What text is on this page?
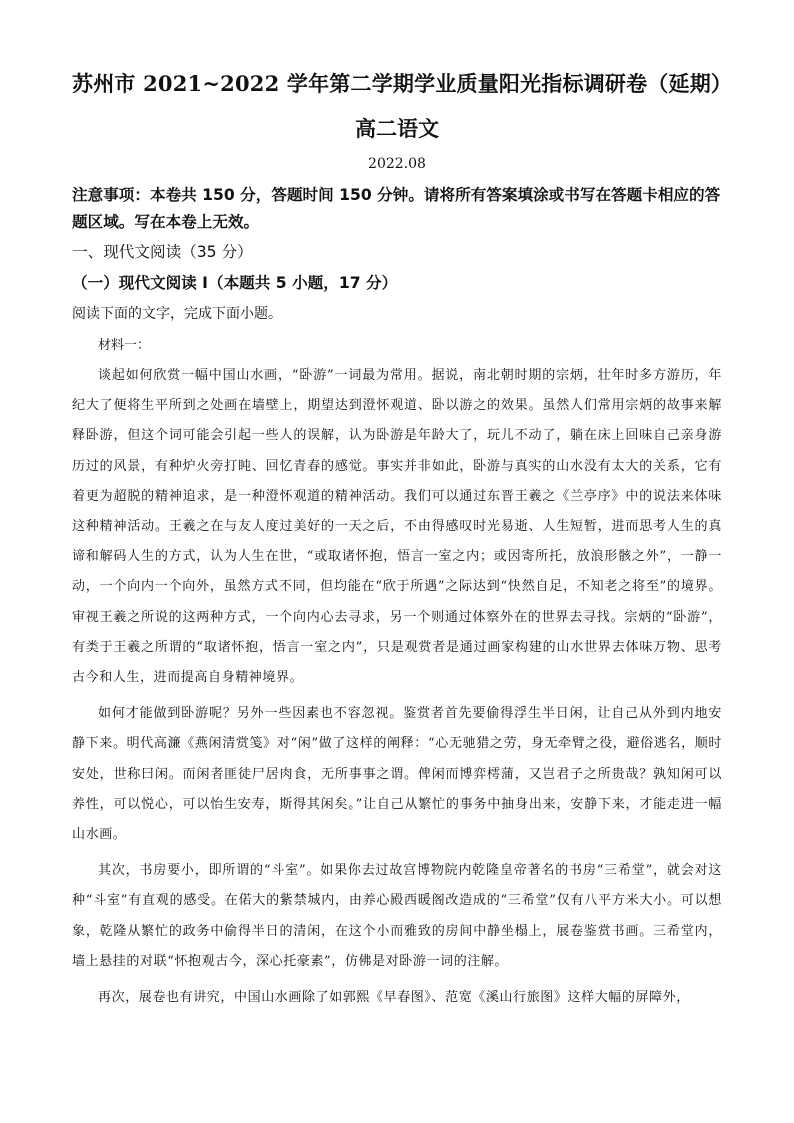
苏州市 2021~2022 学年第二学期学业质量阳光指标调研卷（延期）
高二语文
2022.08
注意事项：本卷共 150 分，答题时间 150 分钟。请将所有答案填涂或书写在答题卡相应的答题区域。写在本卷上无效。
一、现代文阅读（35 分）
（一）现代文阅读 I（本题共 5 小题，17 分）
阅读下面的文字，完成下面小题。
材料一：

谈起如何欣赏一幅中国山水画，“卧游”一词最为常用。据说，南北朝时期的宗炳，壮年时多方游历，年纪大了便将生平所到之处画在墙壁上，期望达到澄怀观道、卧以游之的效果。虽然人们常用宗炳的故事来解释卧游，但这个词可能会引起一些人的误解，认为卧游是年龄大了，玩儿不动了，躺在床上回味自己亲身游历过的风景，有种炉火旁打盹、回忆青春的感觉。事实并非如此，卧游与真实的山水没有太大的关系，它有着更为超脱的精神追求，是一种澄怀观道的精神活动。我们可以通过东晋王羲之《兰亭序》中的说法来体味这种精神活动。王羲之在与友人度过美好的一天之后，不由得感叹时光易逝、人生短暂，进而思考人生的真谛和解码人生的方式，认为人生在世，“或取诸怀抱，悟言一室之内；或因寄所托，放浪形骸之外”，一静一动，一个向内一个向外，虽然方式不同，但均能在“欣于所遇”之际达到“快然自足，不知老之将至”的境界。审视王羲之所说的这两种方式，一个向内心去寻求，另一个则通过体察外在的世界去寻找。宗炳的“卧游”，有类于王羲之所谓的“取诸怀抱，悟言一室之内”，只是观赏者是通过画家构建的山水世界去体味万物、思考古今和人生，进而提高自身精神境界。

如何才能做到卧游呢？另外一些因素也不容忽视。鉴赏者首先要偷得浮生半日闲，让自己从外到内地安静下来。明代高濂《燕闲清赏笺》对“闲”做了这样的阐释：“心无驰猎之劳，身无牵臂之役，避俗逃名，顺时安处，世称曰闲。而闲者匪徒尸居肉食，无所事事之谓。俾闲而博弈樗蒲，又岂君子之所贵哉？孰知闲可以养性，可以悦心，可以怡生安寿，斯得其闲矣。”让自己从繁忙的事务中抽身出来，安静下来，才能走进一幅山水画。

其次，书房要小，即所谓的“斗室”。如果你去过故宫博物院内乾隆皇帝著名的书房“三希堂”，就会对这种“斗室”有直观的感受。在偌大的紫禁城内，由养心殿西暖阁改造成的“三希堂”仅有八平方米大小。可以想象，乾隆从繁忙的政务中偷得半日的清闲，在这个小而雅致的房间中静坐榻上，展卷鉴赏书画。三希堂内，墙上悬挂的对联“怀抱观古今，深心托豪素”，仿佛是对卧游一词的注解。

再次，展卷也有讲究，中国山水画除了如郭熙《早春图》、范宽《溪山行旅图》这样大幅的屏障外，
